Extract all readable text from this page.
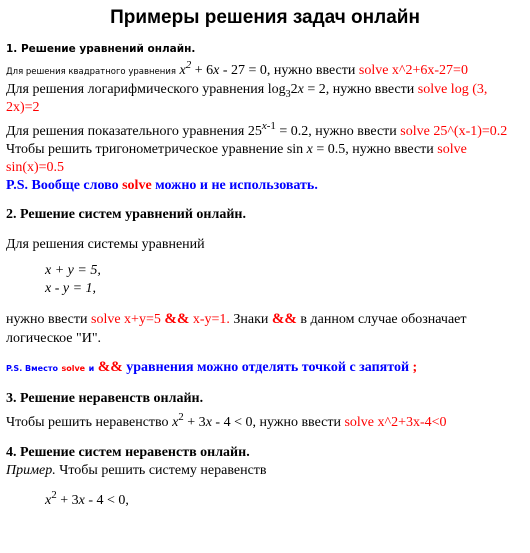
Примеры решения задач онлайн
1. Решение уравнений онлайн.
Для решения квадратного уравнения $x^2 + 6x - 27 = 0$, нужно ввести solve x^2+6x-27=0
Для решения логарифмического уравнения $\log_32x = 2$, нужно ввести solve log (3, 2x)=2
Для решения показательного уравнения $25^{x-1} = 0.2$, нужно ввести solve 25^(x-1)=0.2
Чтобы решить тригонометрическое уравнение sin x = 0.5, нужно ввести solve sin(x)=0.5
P.S. Вообще слово solve можно и не использовать.
2. Решение систем уравнений онлайн.
Для решения системы уравнений
x + y = 5,
x - y = 1,
нужно ввести solve x+y=5 && x-y=1. Знаки && в данном случае обозначает логическое "И".
P.S. Вместо solve и && уравнения можно отделять точкой с запятой ;
3. Решение неравенств онлайн.
Чтобы решить неравенство $x^2 + 3x - 4 < 0$, нужно ввести solve x^2+3x-4<0
4. Решение систем неравенств онлайн.
Пример. Чтобы решить систему неравенств
$x^2 + 3x - 4 < 0$,
